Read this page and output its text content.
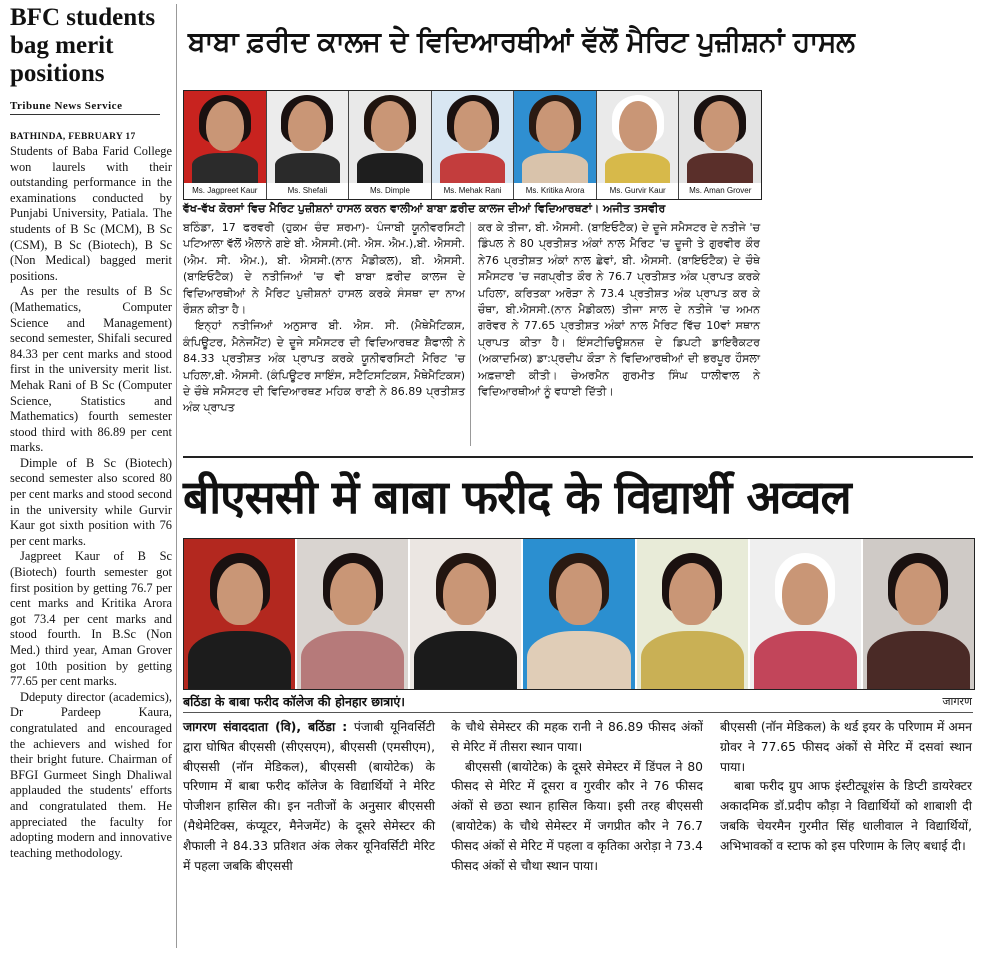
BFC students bag merit positions
Tribune News Service
BATHINDA, FEBRUARY 17

Students of Baba Farid College won laurels with their outstanding performance in the examinations conducted by Punjabi University, Patiala. The students of B Sc (MCM), B Sc (CSM), B Sc (Biotech), B Sc (Non Medical) bagged merit positions.

As per the results of B Sc (Mathematics, Computer Science and Management) second semester, Shifali secured 84.33 per cent marks and stood first in the university merit list. Mehak Rani of B Sc (Computer Science, Statistics and Mathematics) fourth semester stood third with 86.89 per cent marks.

Dimple of B Sc (Biotech) second semester also scored 80 per cent marks and stood second in the university while Gurvir Kaur got sixth position with 76 per cent marks.

Jagpreet Kaur of B Sc (Biotech) fourth semester got first position by getting 76.7 per cent marks and Kritika Arora got 73.4 per cent marks and stood fourth. In B.Sc (Non Med.) third year, Aman Grover got 10th position by getting 77.65 per cent marks.

Ddeputy director (academics), Dr Pardeep Kaura, congratulated and encouraged the achievers and wished for their bright future. Chairman of BFGI Gurmeet Singh Dhaliwal applauded the students' efforts and congratulated them. He appreciated the faculty for adopting modern and innovative teaching methodology.

ਬਾਬਾ ਫ਼ਰੀਦ ਕਾਲਜ ਦੇ ਵਿਦਿਆਰਥੀਆਂ ਵੱਲੋਂ ਮੈਰਿਟ ਪੁਜ਼ੀਸ਼ਨਾਂ ਹਾਸਲ
Ms. Jagpreet Kaur	Ms. Shefali	Ms. Dimple	Ms. Mehak Rani	Ms. Kritika Arora	Ms. Gurvir Kaur	Ms. Aman Grover
ਵੱਖ-ਵੱਖ ਕੋਰਸਾਂ ਵਿਚ ਮੈਰਿਟ ਪੁਜ਼ੀਸ਼ਨਾਂ ਹਾਸਲ ਕਰਨ ਵਾਲੀਆਂ ਬਾਬਾ ਫ਼ਰੀਦ ਕਾਲਜ ਦੀਆਂ ਵਿਦਿਆਰਥਣਾਂ। ਅਜੀਤ ਤਸਵੀਰ

ਬਠਿੰਡਾ, 17 ਫਰਵਰੀ (ਹੁਕਮ ਚੰਦ ਸ਼ਰਮਾ)- ਪੰਜਾਬੀ ਯੂਨੀਵਰਸਿਟੀ ਪਟਿਆਲਾ ਵੱਲੋਂ ਐਲਾਨੇ ਗਏ ਬੀ. ਐਸਸੀ.(ਸੀ. ਐਸ. ਐਮ.),ਬੀ. ਐਸਸੀ.(ਐਮ. ਸੀ. ਐਮ.), ਬੀ. ਐਸਸੀ.(ਨਾਨ ਮੈਡੀਕਲ), ਬੀ. ਐਸਸੀ.(ਬਾਇਓਟੈਕ) ਦੇ ਨਤੀਜਿਆਂ 'ਚ ਵੀ ਬਾਬਾ ਫ਼ਰੀਦ ਕਾਲਜ ਦੇ ਵਿਦਿਆਰਥੀਆਂ ਨੇ ਮੈਰਿਟ ਪੁਜ਼ੀਸ਼ਨਾਂ ਹਾਸਲ ਕਰਕੇ ਸੰਸਥਾ ਦਾ ਨਾਅ ਰੌਸ਼ਨ ਕੀਤਾ ਹੈ।

ਇਨ੍ਹਾਂ ਨਤੀਜਿਆਂ ਅਨੁਸਾਰ ਬੀ. ਐਸ. ਸੀ. (ਮੈਥੇਮੈਟਿਕਸ, ਕੰਪਿਊਟਰ, ਮੈਨੇਜਮੈਂਟ) ਦੇ ਦੂਜੇ ਸਮੈਸਟਰ ਦੀ ਵਿਦਿਆਰਥਣ ਸ਼ੈਫਾਲੀ ਨੇ 84.33 ਪ੍ਰਤੀਸ਼ਤ ਅੰਕ ਪ੍ਰਾਪਤ ਕਰਕੇ ਯੂਨੀਵਰਸਿਟੀ ਮੈਰਿਟ 'ਚ ਪਹਿਲਾ,ਬੀ. ਐਸਸੀ. (ਕੰਪਿਊਟਰ ਸਾਇੰਸ, ਸਟੈਟਿਸਟਿਕਸ, ਮੈਥੇਮੈਟਿਕਸ) ਦੇ ਚੌਥੇ ਸਮੈਸਟਰ ਦੀ ਵਿਦਿਆਰਥਣ ਮਹਿਕ ਰਾਣੀ ਨੇ 86.89 ਪ੍ਰਤੀਸ਼ਤ ਅੰਕ ਪ੍ਰਾਪਤ

ਕਰ ਕੇ ਤੀਜਾ, ਬੀ. ਐਸਸੀ. (ਬਾਇਓਟੈਕ) ਦੇ ਦੂਜੇ ਸਮੈਸਟਰ ਦੇ ਨਤੀਜੇ 'ਚ ਡਿੰਪਲ ਨੇ 80 ਪ੍ਰਤੀਸ਼ਤ ਅੰਕਾਂ ਨਾਲ ਮੈਰਿਟ 'ਚ ਦੂਜੀ ਤੇ ਗੁਰਵੀਰ ਕੌਰ ਨੇ76 ਪ੍ਰਤੀਸ਼ਤ ਅੰਕਾਂ ਨਾਲ ਛੇਵਾਂ, ਬੀ. ਐਸਸੀ. (ਬਾਇਓਟੈਕ) ਦੇ ਚੌਥੇ ਸਮੈਸਟਰ 'ਚ ਜਗਪ੍ਰੀਤ ਕੌਰ ਨੇ 76.7 ਪ੍ਰਤੀਸ਼ਤ ਅੰਕ ਪ੍ਰਾਪਤ ਕਰਕੇ ਪਹਿਲਾ, ਕਰਿਤਕਾ ਅਰੋੜਾ ਨੇ 73.4 ਪ੍ਰਤੀਸ਼ਤ ਅੰਕ ਪ੍ਰਾਪਤ ਕਰ ਕੇ ਚੌਥਾ, ਬੀ.ਐਸਸੀ.(ਨਾਨ ਮੈਡੀਕਲ) ਤੀਜਾ ਸਾਲ ਦੇ ਨਤੀਜੇ 'ਚ ਅਮਨ ਗਰੋਵਰ ਨੇ 77.65 ਪ੍ਰਤੀਸ਼ਤ ਅੰਕਾਂ ਨਾਲ ਮੈਰਿਟ ਵਿੱਚ 10ਵਾਂ ਸਥਾਨ ਪ੍ਰਾਪਤ ਕੀਤਾ ਹੈ। ਇੰਸਟੀਚਿਊਸ਼ਨਜ਼ ਦੇ ਡਿਪਟੀ ਡਾਇਰੈਕਟਰ (ਅਕਾਦਮਿਕ) ਡਾ:ਪ੍ਰਦੀਪ ਕੌੜਾ ਨੇ ਵਿਦਿਆਰਥੀਆਂ ਦੀ ਭਰਪੂਰ ਹੌਸਲਾ ਅਫ਼ਜ਼ਾਈ ਕੀਤੀ। ਚੇਅਰਮੈਨ ਗੁਰਮੀਤ ਸਿੰਘ ਧਾਲੀਵਾਲ ਨੇ ਵਿਦਿਆਰਥੀਆਂ ਨੂੰ ਵਧਾਈ ਦਿੱਤੀ।

बीएससी में बाबा फरीद के विद्यार्थी अव्वल
बठिंडा के बाबा फरीद कॉलेज की होनहार छात्राएं।	जागरण

जागरण संवाददाता (वि), बठिंडा : पंजाबी यूनिवर्सिटी द्वारा घोषित बीएससी (सीएसएम), बीएससी (एमसीएम), बीएससी (नॉन मेडिकल), बीएससी (बायोटेक) के परिणाम में बाबा फरीद कॉलेज के विद्यार्थियों ने मेरिट पोजीशन हासिल की। इन नतीजों के अनुसार बीएससी (मैथेमेटिक्स, कंप्यूटर, मैनेजमेंट) के दूसरे सेमेस्टर की शैफाली ने 84.33 प्रतिशत अंक लेकर यूनिवर्सिटी मेरिट में पहला जबकि बीएससी

के चौथे सेमेस्टर की महक रानी ने 86.89 फीसद अंकों से मेरिट में तीसरा स्थान पाया।

बीएससी (बायोटेक) के दूसरे सेमेस्टर में डिंपल ने 80 फीसद से मेरिट में दूसरा व गुरवीर कौर ने 76 फीसद अंकों से छठा स्थान हासिल किया। इसी तरह बीएससी (बायोटेक) के चौथे सेमेस्टर में जगप्रीत कौर ने 76.7 फीसद अंकों से मेरिट में पहला व कृतिका अरोड़ा ने 73.4 फीसद अंकों से चौथा स्थान पाया।

बीएससी (नॉन मेडिकल) के थर्ड इयर के परिणाम में अमन ग्रोवर ने 77.65 फीसद अंकों से मेरिट में दसवां स्थान पाया।

बाबा फरीद ग्रुप आफ इंस्टीट्यूशंस के डिप्टी डायरेक्टर अकादमिक डॉ.प्रदीप कौड़ा ने विद्यार्थियों को शाबाशी दी जबकि चेयरमैन गुरमीत सिंह धालीवाल ने विद्यार्थियों, अभिभावकों व स्टाफ को इस परिणाम के लिए बधाई दी।
